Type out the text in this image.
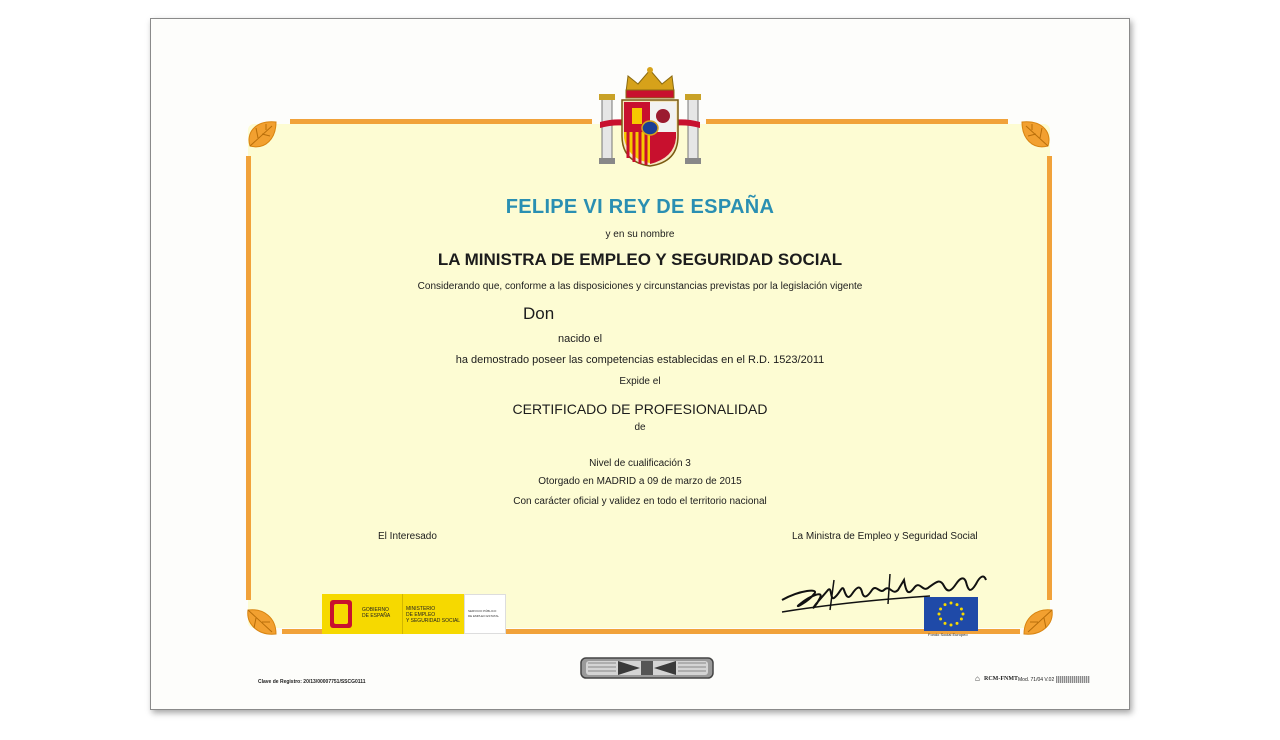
FELIPE VI REY DE ESPAÑA
y en su nombre
LA MINISTRA DE EMPLEO Y SEGURIDAD SOCIAL
Considerando que, conforme a las disposiciones y circunstancias previstas por la legislación vigente
Don
nacido el
ha demostrado poseer las competencias establecidas en el R.D. 1523/2011
Expide el
CERTIFICADO DE PROFESIONALIDAD
de
Nivel de cualificación 3
Otorgado en MADRID a 09 de marzo de 2015
Con carácter oficial y validez en todo el territorio nacional
El Interesado	La Ministra de Empleo y Seguridad Social
GOBIERNO
DE ESPAÑA
MINISTERIO
DE EMPLEO
Y SEGURIDAD SOCIAL
SERVICIO PÚBLICO
DE EMPLEO ESTATAL
Fondo Social Europeo
Clave de Registro: 20/13/00007751/SSCG0111	⌂ RCM-FNMT Mod. 71/04 V.02
